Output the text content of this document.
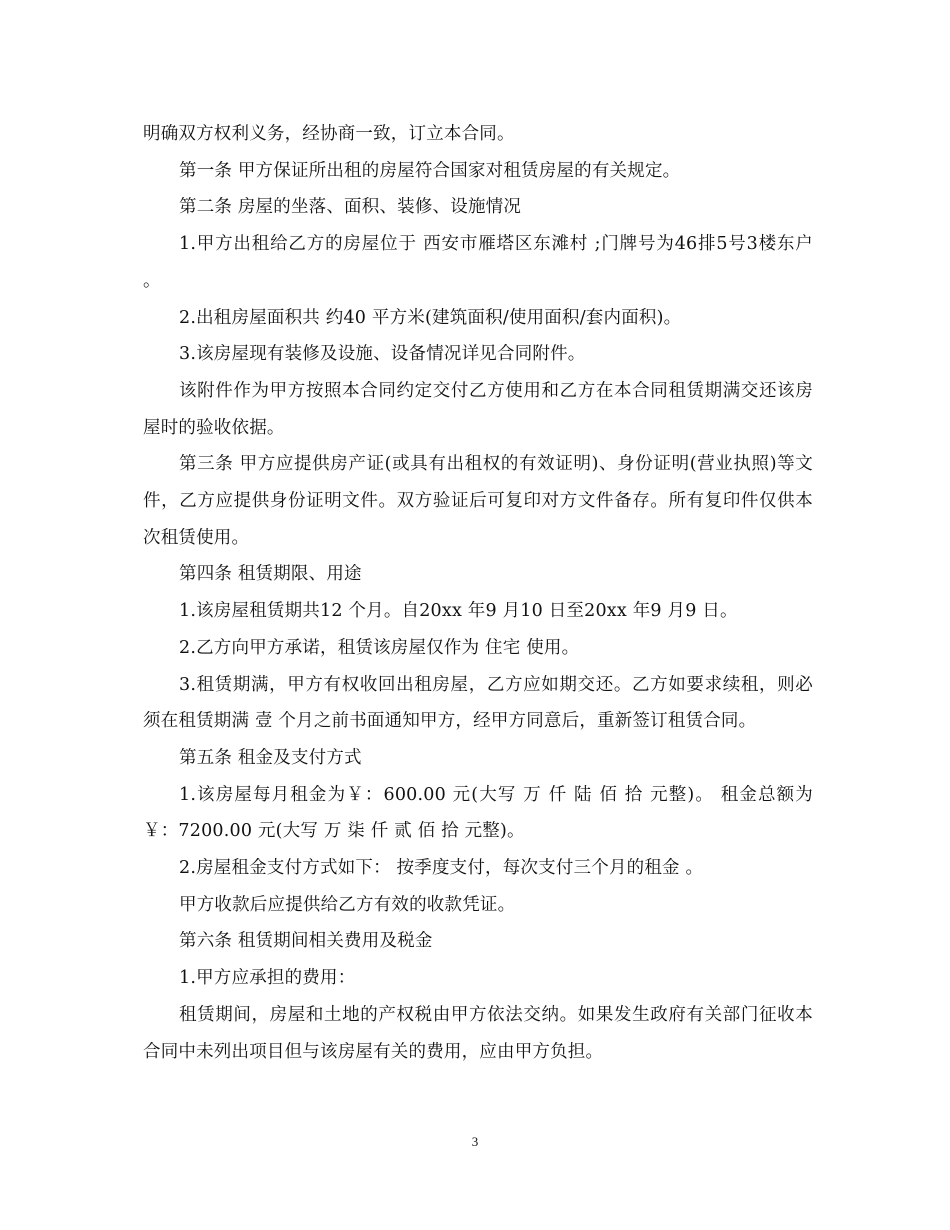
明确双方权利义务，经协商一致，订立本合同。

第一条 甲方保证所出租的房屋符合国家对租赁房屋的有关规定。

第二条 房屋的坐落、面积、装修、设施情况

1.甲方出租给乙方的房屋位于 西安市雁塔区东滩村 ;门牌号为46排5号3楼东户 。

2.出租房屋面积共 约40 平方米(建筑面积/使用面积/套内面积)。

3.该房屋现有装修及设施、设备情况详见合同附件。

该附件作为甲方按照本合同约定交付乙方使用和乙方在本合同租赁期满交还该房屋时的验收依据。

第三条 甲方应提供房产证(或具有出租权的有效证明)、身份证明(营业执照)等文件，乙方应提供身份证明文件。双方验证后可复印对方文件备存。所有复印件仅供本次租赁使用。

第四条 租赁期限、用途

1.该房屋租赁期共12 个月。自20xx 年9 月10 日至20xx 年9 月9 日。

2.乙方向甲方承诺，租赁该房屋仅作为 住宅 使用。

3.租赁期满，甲方有权收回出租房屋，乙方应如期交还。乙方如要求续租，则必须在租赁期满 壹 个月之前书面通知甲方，经甲方同意后，重新签订租赁合同。

第五条 租金及支付方式

1.该房屋每月租金为￥：600.00 元(大写 万 仟 陆 佰 拾 元整)。 租金总额为￥：7200.00 元(大写 万 柒 仟 贰 佰 拾 元整)。

2.房屋租金支付方式如下： 按季度支付，每次支付三个月的租金 。

甲方收款后应提供给乙方有效的收款凭证。

第六条 租赁期间相关费用及税金

1.甲方应承担的费用：

租赁期间，房屋和土地的产权税由甲方依法交纳。如果发生政府有关部门征收本合同中未列出项目但与该房屋有关的费用，应由甲方负担。

3
